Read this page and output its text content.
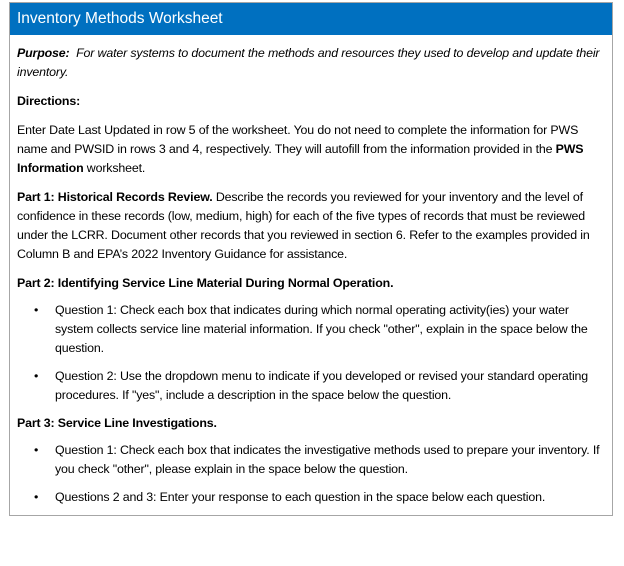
Inventory Methods Worksheet

Purpose: For water systems to document the methods and resources they used to develop and update their inventory.

Directions:

Enter Date Last Updated in row 5 of the worksheet. You do not need to complete the information for PWS name and PWSID in rows 3 and 4, respectively. They will autofill from the information provided in the PWS Information worksheet.

Part 1: Historical Records Review. Describe the records you reviewed for your inventory and the level of confidence in these records (low, medium, high) for each of the five types of records that must be reviewed under the LCRR. Document other records that you reviewed in section 6. Refer to the examples provided in Column B and EPA’s 2022 Inventory Guidance for assistance.

Part 2: Identifying Service Line Material During Normal Operation.

• Question 1: Check each box that indicates during which normal operating activity(ies) your water system collects service line material information. If you check "other", explain in the space below the question.
• Question 2: Use the dropdown menu to indicate if you developed or revised your standard operating procedures. If "yes", include a description in the space below the question.

Part 3: Service Line Investigations.

• Question 1: Check each box that indicates the investigative methods used to prepare your inventory. If you check "other", please explain in the space below the question.
• Questions 2 and 3: Enter your response to each question in the space below each question.
